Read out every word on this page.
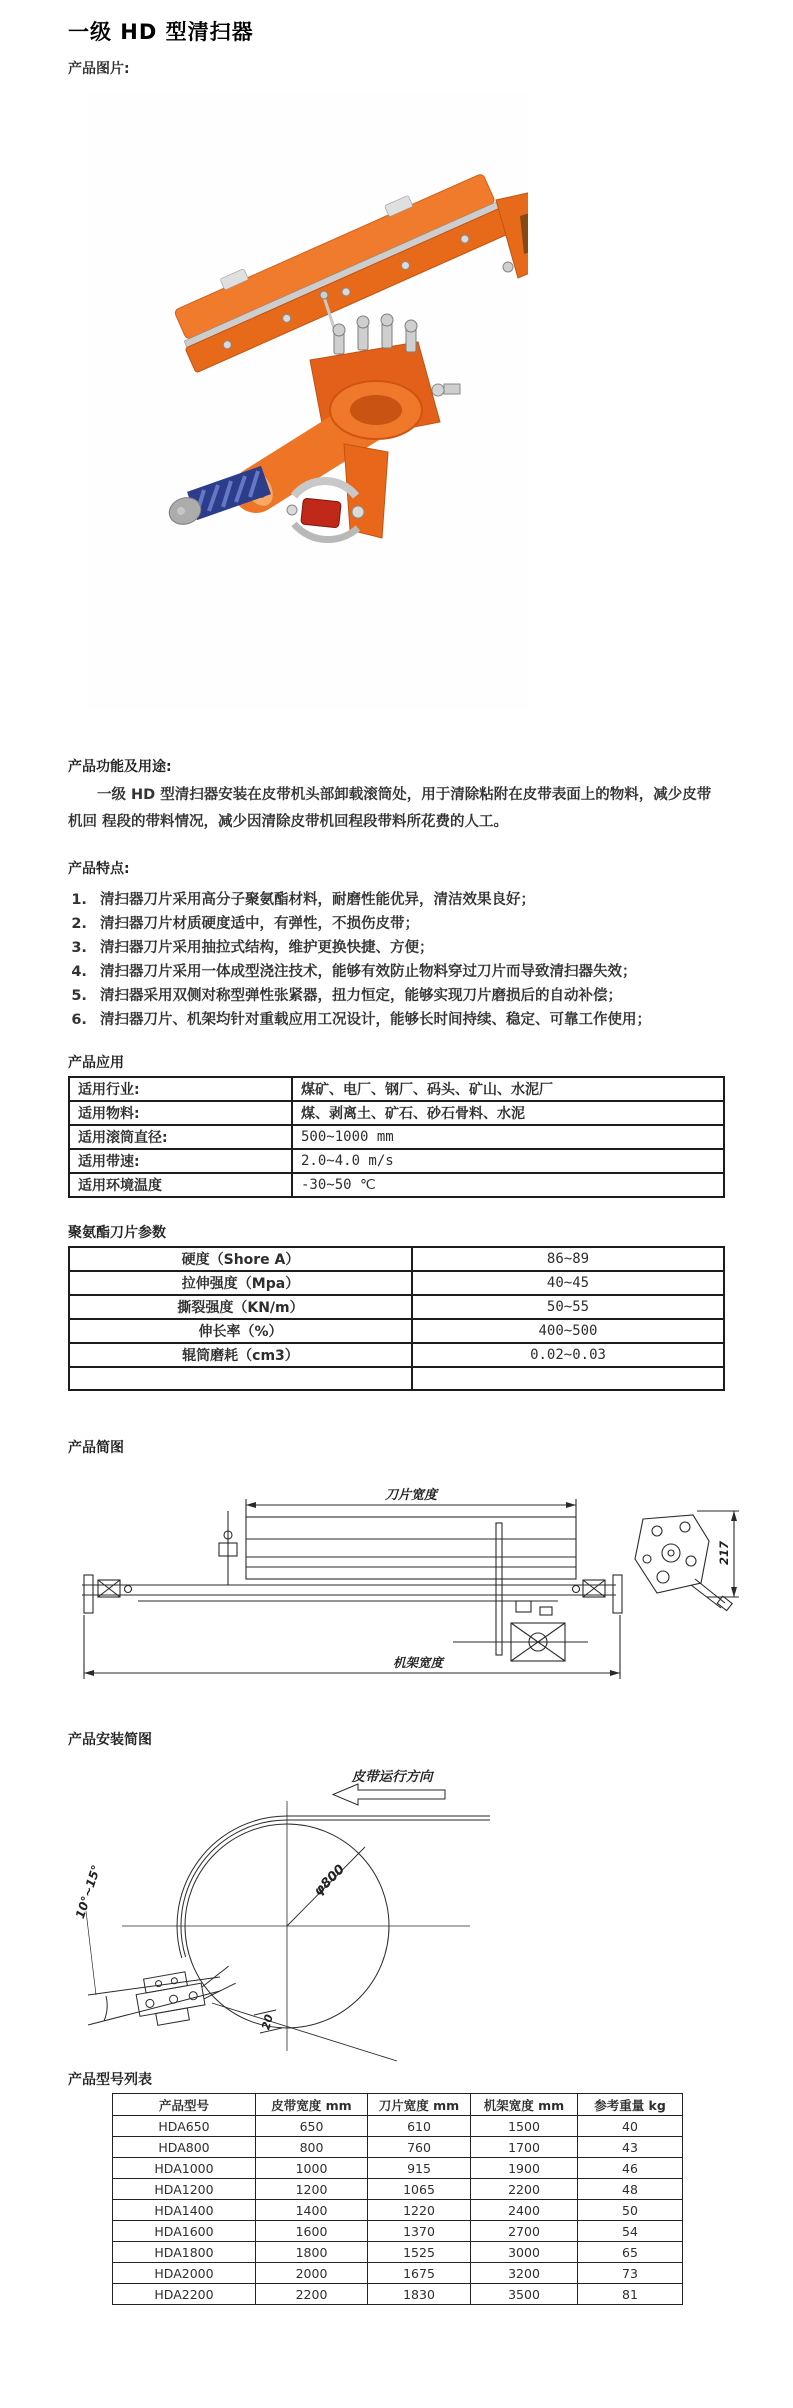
一级 HD 型清扫器
产品图片:
产品功能及用途:

一级 HD 型清扫器安装在皮带机头部卸载滚筒处，用于清除粘附在皮带表面上的物料，减少皮带机回 程段的带料情况，减少因清除皮带机回程段带料所花费的人工。

产品特点:
1. 清扫器刀片采用高分子聚氨酯材料，耐磨性能优异，清洁效果良好；
2. 清扫器刀片材质硬度适中，有弹性，不损伤皮带；
3. 清扫器刀片采用抽拉式结构，维护更换快捷、方便；
4. 清扫器刀片采用一体成型浇注技术，能够有效防止物料穿过刀片而导致清扫器失效；
5. 清扫器采用双侧对称型弹性张紧器，扭力恒定，能够实现刀片磨损后的自动补偿；
6. 清扫器刀片、机架均针对重载应用工况设计，能够长时间持续、稳定、可靠工作使用；
产品应用
适用行业:	煤矿、电厂、钢厂、码头、矿山、水泥厂
适用物料:	煤、剥离土、矿石、砂石骨料、水泥
适用滚筒直径:	500~1000 mm
适用带速:	2.0~4.0 m/s
适用环境温度	-30~50 ℃
聚氨酯刀片参数
硬度（Shore A）	86~89
拉伸强度（Mpa）	40~45
撕裂强度（KN/m）	50~55
伸长率（%）	400~500
辊筒磨耗（cm3）	0.02~0.03

产品简图
刀片宽度
机架宽度
217
产品安装简图
皮带运行方向
φ800
10°~15°
20
产品型号列表
产品型号	皮带宽度 mm	刀片宽度 mm	机架宽度 mm	参考重量 kg
HDA650	650	610	1500	40
HDA800	800	760	1700	43
HDA1000	1000	915	1900	46
HDA1200	1200	1065	2200	48
HDA1400	1400	1220	2400	50
HDA1600	1600	1370	2700	54
HDA1800	1800	1525	3000	65
HDA2000	2000	1675	3200	73
HDA2200	2200	1830	3500	81
